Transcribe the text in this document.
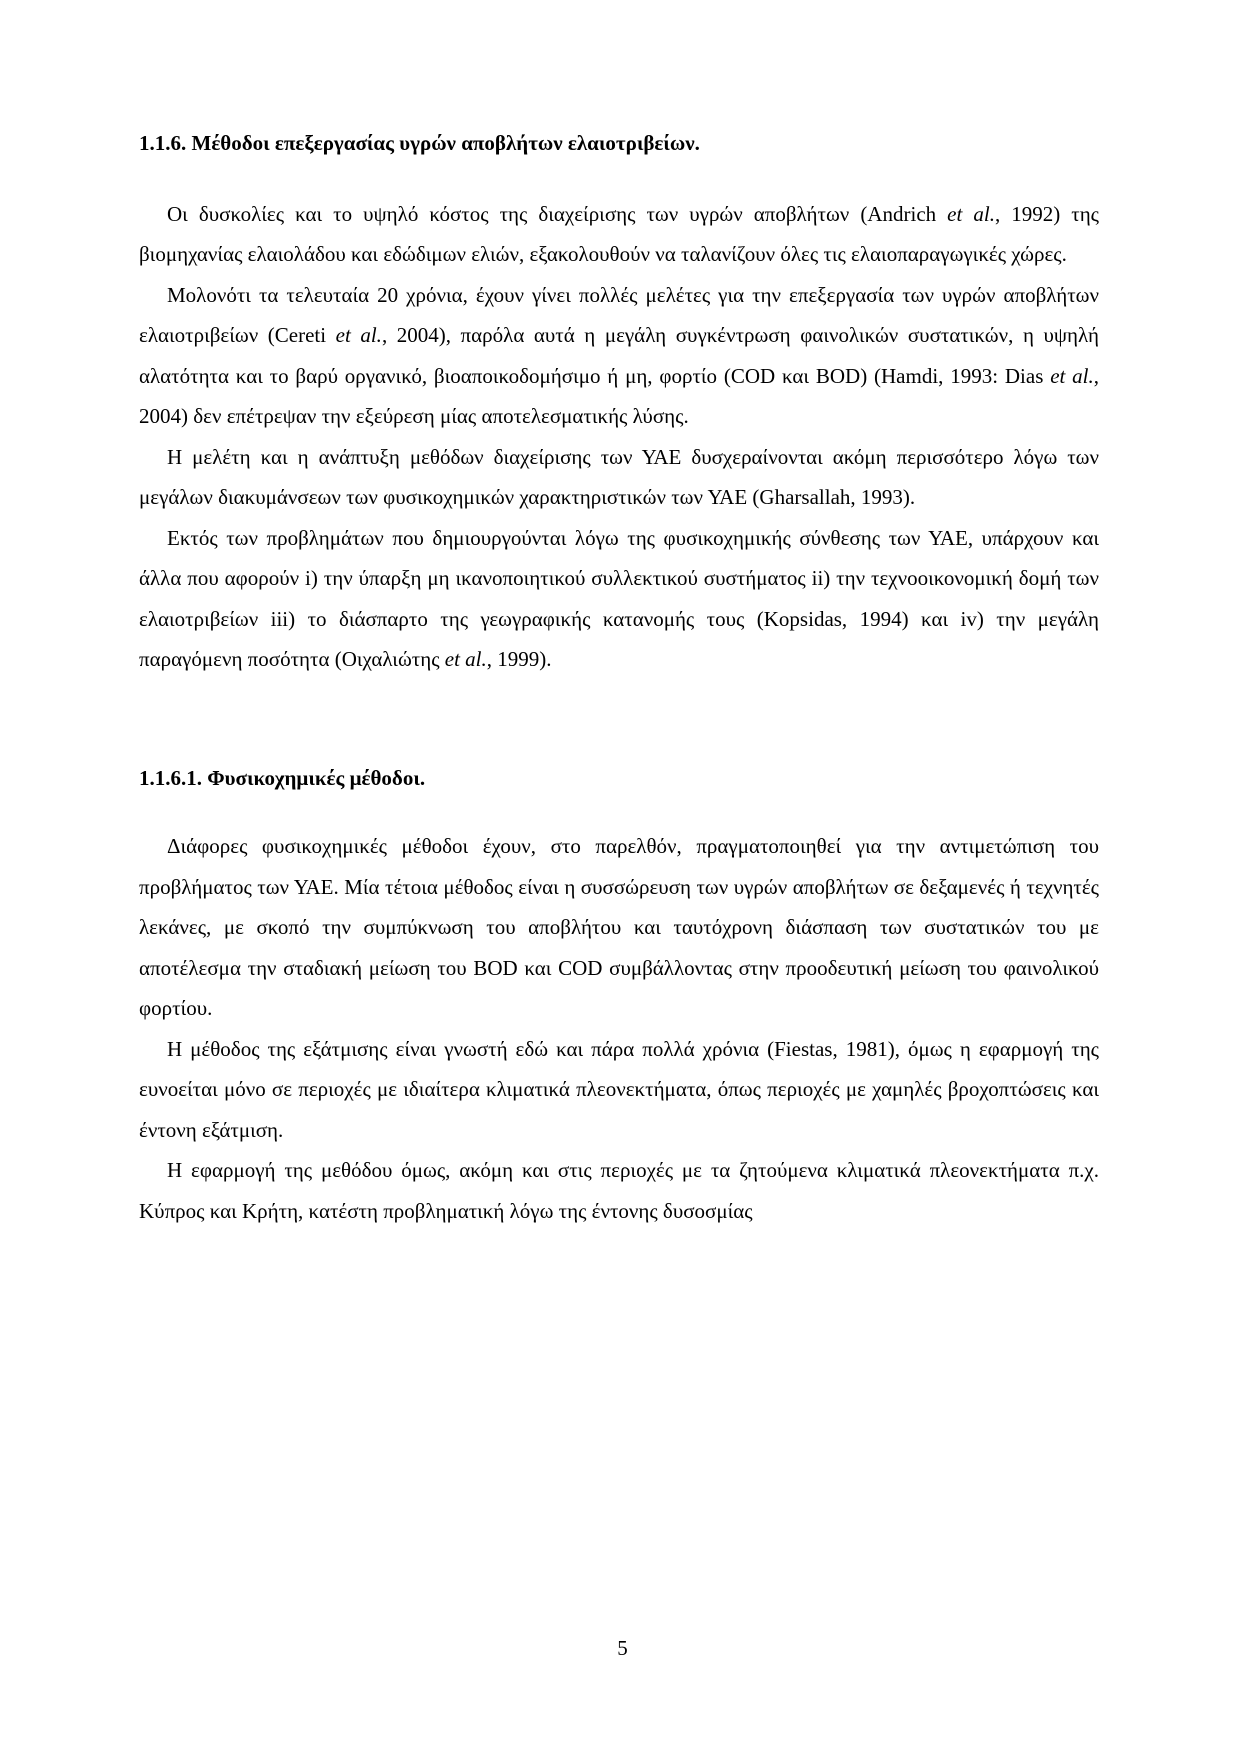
1.1.6. Μέθοδοι επεξεργασίας υγρών αποβλήτων ελαιοτριβείων.

Οι δυσκολίες και το υψηλό κόστος της διαχείρισης των υγρών αποβλήτων (Andrich et al., 1992) της βιομηχανίας ελαιολάδου και εδώδιμων ελιών, εξακολουθούν να ταλανίζουν όλες τις ελαιοπαραγωγικές χώρες.

Μολονότι τα τελευταία 20 χρόνια, έχουν γίνει πολλές μελέτες για την επεξεργασία των υγρών αποβλήτων ελαιοτριβείων (Cereti et al., 2004), παρόλα αυτά η μεγάλη συγκέντρωση φαινολικών συστατικών, η υψηλή αλατότητα και το βαρύ οργανικό, βιοαποικοδομήσιμο ή μη, φορτίο (COD και BOD) (Hamdi, 1993: Dias et al., 2004) δεν επέτρεψαν την εξεύρεση μίας αποτελεσματικής λύσης.

Η μελέτη και η ανάπτυξη μεθόδων διαχείρισης των ΥΑΕ δυσχεραίνονται ακόμη περισσότερο λόγω των μεγάλων διακυμάνσεων των φυσικοχημικών χαρακτηριστικών των ΥΑΕ (Gharsallah, 1993).

Εκτός των προβλημάτων που δημιουργούνται λόγω της φυσικοχημικής σύνθεσης των ΥΑΕ, υπάρχουν και άλλα που αφορούν i) την ύπαρξη μη ικανοποιητικού συλλεκτικού συστήματος ii) την τεχνοοικονομική δομή των ελαιοτριβείων iii) το διάσπαρτο της γεωγραφικής κατανομής τους (Kopsidas, 1994) και iv) την μεγάλη παραγόμενη ποσότητα (Οιχαλιώτης et al., 1999).

1.1.6.1. Φυσικοχημικές μέθοδοι.

Διάφορες φυσικοχημικές μέθοδοι έχουν, στο παρελθόν, πραγματοποιηθεί για την αντιμετώπιση του προβλήματος των ΥΑΕ. Μία τέτοια μέθοδος είναι η συσσώρευση των υγρών αποβλήτων σε δεξαμενές ή τεχνητές λεκάνες, με σκοπό την συμπύκνωση του αποβλήτου και ταυτόχρονη διάσπαση των συστατικών του με αποτέλεσμα την σταδιακή μείωση του BOD και COD συμβάλλοντας στην προοδευτική μείωση του φαινολικού φορτίου.

Η μέθοδος της εξάτμισης είναι γνωστή εδώ και πάρα πολλά χρόνια (Fiestas, 1981), όμως η εφαρμογή της ευνοείται μόνο σε περιοχές με ιδιαίτερα κλιματικά πλεονεκτήματα, όπως περιοχές με χαμηλές βροχοπτώσεις και έντονη εξάτμιση.

Η εφαρμογή της μεθόδου όμως, ακόμη και στις περιοχές με τα ζητούμενα κλιματικά πλεονεκτήματα π.χ. Κύπρος και Κρήτη, κατέστη προβληματική λόγω της έντονης δυσοσμίας

5
